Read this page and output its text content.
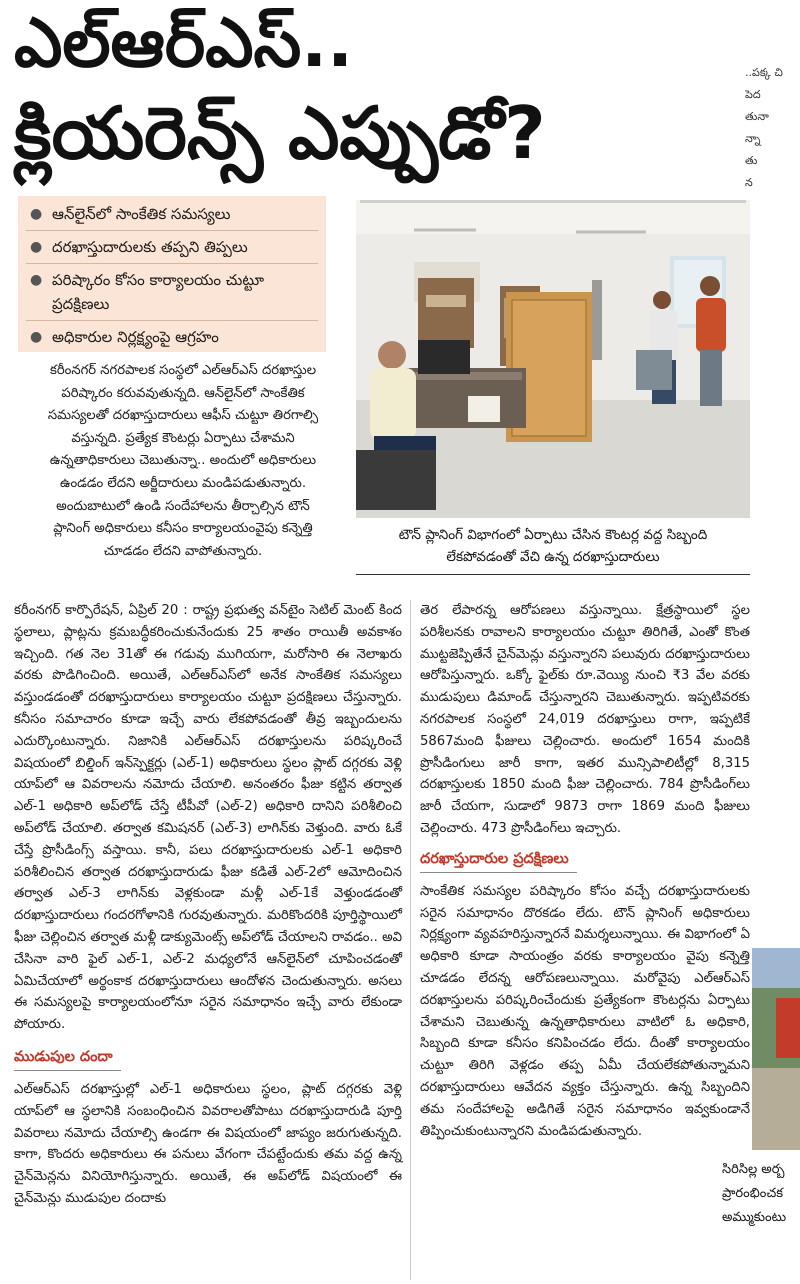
ఎల్ఆర్ఎస్..
క్లియరెన్స్ ఎప్పుడో?
..పక్క చి
పెద
తునా
న్నా
తు
న
● ఆన్‌లైన్‌లో సాంకేతిక సమస్యలు
● దరఖాస్తుదారులకు తప్పని తిప్పలు
● పరిష్కారం కోసం కార్యాలయం చుట్టూ ప్రదక్షిణలు
● అధికారుల నిర్లక్ష్యంపై ఆగ్రహం
కరీంనగర్ నగరపాలక సంస్థలో ఎల్ఆర్ఎస్ దరఖాస్తుల
పరిష్కారం కరువవుతున్నది. ఆన్‌లైన్‌లో సాంకేతిక
సమస్యలతో దరఖాస్తుదారులు ఆఫీస్ చుట్టూ తిరగాల్సి
వస్తున్నది. ప్రత్యేక కౌంటర్లు ఏర్పాటు చేశామని
ఉన్నతాధికారులు చెబుతున్నా.. అందులో అధికారులు
ఉండడం లేదని అర్జీదారులు మండిపడుతున్నారు.
అందుబాటులో ఉండి సందేహాలను తీర్చాల్సిన టౌన్
ప్లానింగ్ అధికారులు కనీసం కార్యాలయంవైపు కన్నెత్తి
చూడడం లేదని వాపోతున్నారు.
టౌన్ ప్లానింగ్ విభాగంలో ఏర్పాటు చేసిన కౌంటర్ల వద్ద సిబ్బంది
లేకపోవడంతో వేచి ఉన్న దరఖాస్తుదారులు
కరీంనగర్ కార్పొరేషన్, ఏప్రిల్ 20 : రాష్ట్ర ప్రభుత్వ వన్‌టైం సెటిల్ మెంట్ కింద స్థలాలు, ప్లాట్లను క్రమబద్ధీకరించుకునేందుకు 25 శాతం రాయితీ అవకాశం ఇచ్చింది. గత నెల 31తో ఈ గడువు ముగియగా, మరోసారి ఈ నెలాఖరు వరకు పొడిగించింది. అయితే, ఎల్ఆర్ఎస్‌లో అనేక సాంకేతిక సమస్యలు వస్తుండడంతో దరఖాస్తుదారులు కార్యాలయం చుట్టూ ప్రదక్షిణలు చేస్తున్నారు. కనీసం సమాచారం కూడా ఇచ్చే వారు లేకపోవడంతో తీవ్ర ఇబ్బందులను ఎదుర్కొంటున్నారు. నిజానికి ఎల్ఆర్ఎస్ దరఖాస్తులను పరిష్కరించే విషయంలో బిల్డింగ్ ఇన్‌స్పెక్టర్లు (ఎల్-1) అధికారులు స్థలం ప్లాట్ దగ్గరకు వెళ్లి యాప్‌లో ఆ వివరాలను నమోదు చేయాలి. అనంతరం ఫీజు కట్టిన తర్వాత ఎల్-1 అధికారి అప్‌లోడ్ చేస్తే టీపీవో (ఎల్-2) అధికారి దానిని పరిశీలించి అప్‌లోడ్ చేయాలి. తర్వాత కమిషనర్ (ఎల్-3) లాగిన్‌కు వెళ్తుంది. వారు ఓకే చేస్తే ప్రొసీడింగ్స్ వస్తాయి. కానీ, పలు దరఖాస్తుదారులకు ఎల్-1 అధికారి పరిశీలించిన తర్వాత దరఖాస్తుదారుడు ఫీజు కడితే ఎల్-2లో ఆమోదించిన తర్వాత ఎల్-3 లాగిన్‌కు వెళ్లకుండా మళ్లీ ఎల్-1కే వెళ్తుండడంతో దరఖాస్తుదారులు గందరగోళానికి గురవుతున్నారు. మరికొందరికి పూర్తిస్థాయిలో ఫీజు చెల్లించిన తర్వాత మళ్లీ డాక్యుమెంట్స్ అప్‌లోడ్ చేయాలని రావడం.. అవి చేసినా వారి ఫైల్ ఎల్-1, ఎల్-2 మధ్యలోనే ఆన్‌లైన్‌లో చూపించడంతో ఏమిచేయాలో అర్థంకాక దరఖాస్తుదారులు ఆందోళన చెందుతున్నారు. అసలు ఈ సమస్యలపై కార్యాలయంలోనూ సరైన సమాధానం ఇచ్చే వారు లేకుండా పోయారు.
ముడుపుల దందా
ఎల్ఆర్ఎస్ దరఖాస్తుల్లో ఎల్-1 అధికారులు స్థలం, ప్లాట్ దగ్గరకు వెళ్లి యాప్‌లో ఆ స్థలానికి సంబంధించిన వివరాలతోపాటు దరఖాస్తుదారుడి పూర్తి వివరాలు నమోదు చేయాల్సి ఉండగా ఈ విషయంలో జాప్యం జరుగుతున్నది. కాగా, కొందరు అధికారులు ఈ పనులు వేగంగా చేపట్టేందుకు తమ వద్ద ఉన్న చైన్‌మెన్లను వినియోగిస్తున్నారు. అయితే, ఈ అప్‌లోడ్ విషయంలో ఈ చైన్‌మెన్లు ముడుపుల దందాకు
తెర లేపారన్న ఆరోపణలు వస్తున్నాయి. క్షేత్రస్థాయిలో స్థల పరిశీలనకు రావాలని కార్యాలయం చుట్టూ తిరిగితే, ఎంతో కొంత ముట్టజెప్పితేనే చైన్‌మెన్లు వస్తున్నారని పలువురు దరఖాస్తుదారులు ఆరోపిస్తున్నారు. ఒక్కో ఫైల్‌కు రూ.వెయ్యి నుంచి ₹3 వేల వరకు ముడుపులు డిమాండ్ చేస్తున్నారని చెబుతున్నారు. ఇప్పటివరకు నగరపాలక సంస్థలో 24,019 దరఖాస్తులు రాగా, ఇప్పటికే 5867మంది ఫీజులు చెల్లించారు. అందులో 1654 మందికి ప్రొసీడింగులు జారీ కాగా, ఇతర మున్సిపాలిటీల్లో 8,315 దరఖాస్తులకు 1850 మంది ఫీజు చెల్లించారు. 784 ప్రొసీడింగ్‌లు జారీ చేయగా, సుడాలో 9873 రాగా 1869 మంది ఫీజులు చెల్లించారు. 473 ప్రొసీడింగ్‌లు ఇచ్చారు.
దరఖాస్తుదారుల ప్రదక్షిణలు
సాంకేతిక సమస్యల పరిష్కారం కోసం వచ్చే దరఖాస్తుదారులకు సరైన సమాధానం దొరకడం లేదు. టౌన్ ప్లానింగ్ అధికారులు నిర్లక్ష్యంగా వ్యవహరిస్తున్నారనే విమర్శలున్నాయి. ఈ విభాగంలో ఏ అధికారి కూడా సాయంత్రం వరకు కార్యాలయం వైపు కన్నెత్తి చూడడం లేదన్న ఆరోపణలున్నాయి. మరోవైపు ఎల్ఆర్ఎస్ దరఖాస్తులను పరిష్కరించేందుకు ప్రత్యేకంగా కౌంటర్లను ఏర్పాటు చేశామని చెబుతున్న ఉన్నతాధికారులు వాటిలో ఓ అధికారి, సిబ్బంది కూడా కనీసం కనిపించడం లేదు. దీంతో కార్యాలయం చుట్టూ తిరిగి వెళ్లడం తప్ప ఏమీ చేయలేకపోతున్నామని దరఖాస్తుదారులు ఆవేదన వ్యక్తం చేస్తున్నారు. ఉన్న సిబ్బందిని తమ సందేహాలపై అడిగితే సరైన సమాధానం ఇవ్వకుండానే తిప్పించుకుంటున్నారని మండిపడుతున్నారు.
సిరిసిల్ల అర్బ
ప్రారంభించక
అమ్ముకుంటు
